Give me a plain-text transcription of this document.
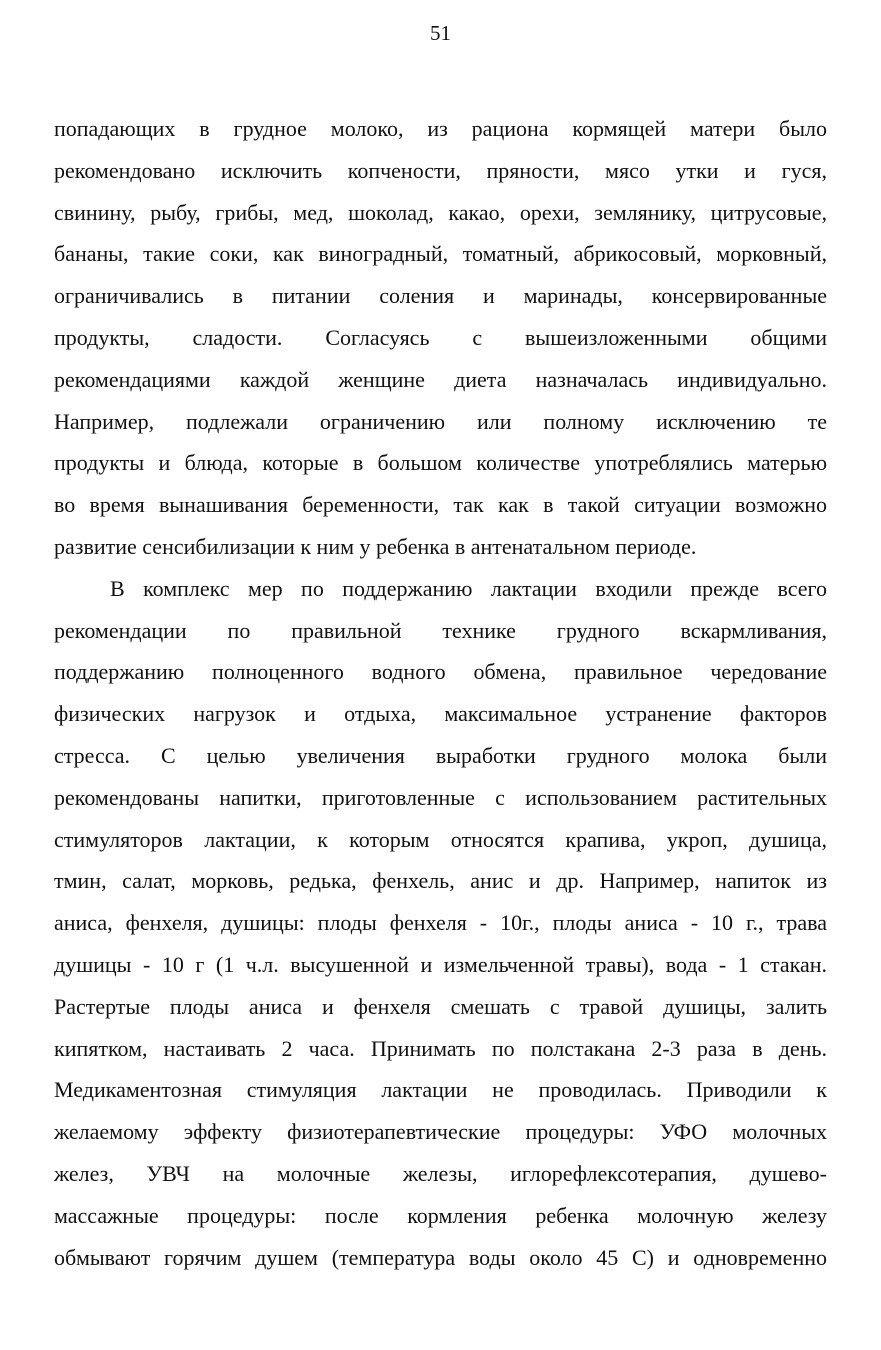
51
попадающих в грудное молоко, из рациона кормящей матери было
рекомендовано исключить копчености, пряности, мясо утки и гуся,
свинину, рыбу, грибы, мед, шоколад, какао, орехи, землянику, цитрусовые,
бананы, такие соки, как виноградный, томатный, абрикосовый, морковный,
ограничивались в питании соления и маринады, консервированные
продукты, сладости. Согласуясь с вышеизложенными общими
рекомендациями каждой женщине диета назначалась индивидуально.
Например, подлежали ограничению или полному исключению те
продукты и блюда, которые в большом количестве употреблялись матерью
во время вынашивания беременности, так как в такой ситуации возможно
развитие сенсибилизации к ним у ребенка в антенатальном периоде.
В комплекс мер по поддержанию лактации входили прежде всего
рекомендации по правильной технике грудного вскармливания,
поддержанию полноценного водного обмена, правильное чередование
физических нагрузок и отдыха, максимальное устранение факторов
стресса. С целью увеличения выработки грудного молока были
рекомендованы напитки, приготовленные с использованием растительных
стимуляторов лактации, к которым относятся крапива, укроп, душица,
тмин, салат, морковь, редька, фенхель, анис и др. Например, напиток из
аниса, фенхеля, душицы: плоды фенхеля - 10г., плоды аниса - 10 г., трава
душицы - 10 г (1 ч.л. высушенной и измельченной травы), вода - 1 стакан.
Растертые плоды аниса и фенхеля смешать с травой душицы, залить
кипятком, настаивать 2 часа. Принимать по полстакана 2-3 раза в день.
Медикаментозная стимуляция лактации не проводилась. Приводили к
желаемому эффекту физиотерапевтические процедуры: УФО молочных
желез, УВЧ на молочные железы, иглорефлексотерапия, душево-
массажные процедуры: после кормления ребенка молочную железу
обмывают горячим душем (температура воды около 45 С) и одновременно
